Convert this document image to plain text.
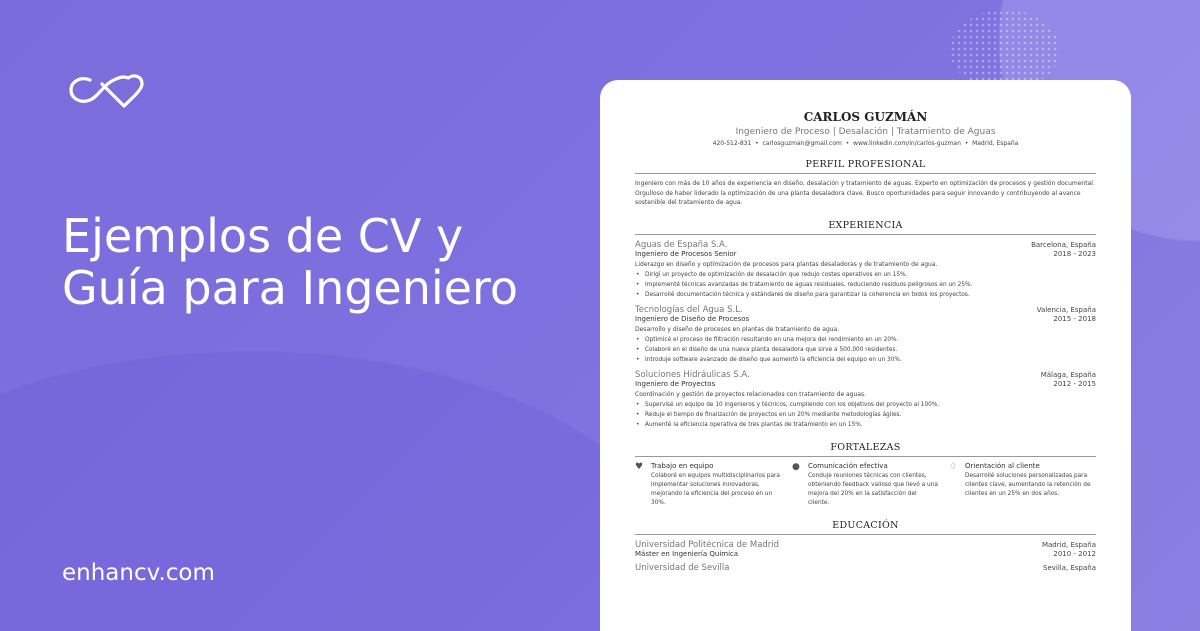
Ejemplos de CV y Guía para Ingeniero
enhancv.com
CARLOS GUZMÁN
Ingeniero de Proceso | Desalación | Tratamiento de Aguas
420-512-831  •  carlosguzman@gmail.com  •  www.linkedin.com/in/carlos-guzman  •  Madrid, España
PERFIL PROFESIONAL
Ingeniero con más de 10 años de experiencia en diseño, desalación y tratamiento de aguas. Experto en optimización de procesos y gestión documental. Orgulloso de haber liderado la optimización de una planta desaladora clave. Busco oportunidades para seguir innovando y contribuyendo al avance sostenible del tratamiento de agua.
EXPERIENCIA
Aguas de España S.A.	Barcelona, España
Ingeniero de Procesos Senior	2018 - 2023
Liderazgo en diseño y optimización de procesos para plantas desaladoras y de tratamiento de agua.
• Dirigí un proyecto de optimización de desalación que redujo costes operativos en un 15%.
• Implementé técnicas avanzadas de tratamiento de aguas residuales, reduciendo residuos peligrosos en un 25%.
• Desarrollé documentación técnica y estándares de diseño para garantizar la coherencia en todos los proyectos.
Tecnologías del Agua S.L.	Valencia, España
Ingeniero de Diseño de Procesos	2015 - 2018
Desarrollo y diseño de procesos en plantas de tratamiento de agua.
• Optimicé el proceso de filtración resultando en una mejora del rendimiento en un 20%.
• Colaboré en el diseño de una nueva planta desaladora que sirve a 500.000 residentes.
• Introduje software avanzado de diseño que aumentó la eficiencia del equipo en un 30%.
Soluciones Hidráulicas S.A.	Málaga, España
Ingeniero de Proyectos	2012 - 2015
Coordinación y gestión de proyectos relacionados con tratamiento de aguas.
• Supervisé un equipo de 10 ingenieros y técnicos, cumpliendo con los objetivos del proyecto al 100%.
• Reduje el tiempo de finalización de proyectos en un 20% mediante metodologías ágiles.
• Aumenté la eficiencia operativa de tres plantas de tratamiento en un 15%.
FORTALEZAS
♥	Trabajo en equipo
Colaboré en equipos multidisciplinarios para implementar soluciones innovadoras, mejorando la eficiencia del proceso en un 30%.
●	Comunicación efectiva
Conduje reuniones técnicas con clientes, obteniendo feedback valioso que llevó a una mejora del 20% en la satisfacción del cliente.
♢	Orientación al cliente
Desarrollé soluciones personalizadas para clientes clave, aumentando la retención de clientes en un 25% en dos años.
EDUCACIÓN
Universidad Politécnica de Madrid	Madrid, España
Máster en Ingeniería Química	2010 - 2012
Universidad de Sevilla	Sevilla, España
